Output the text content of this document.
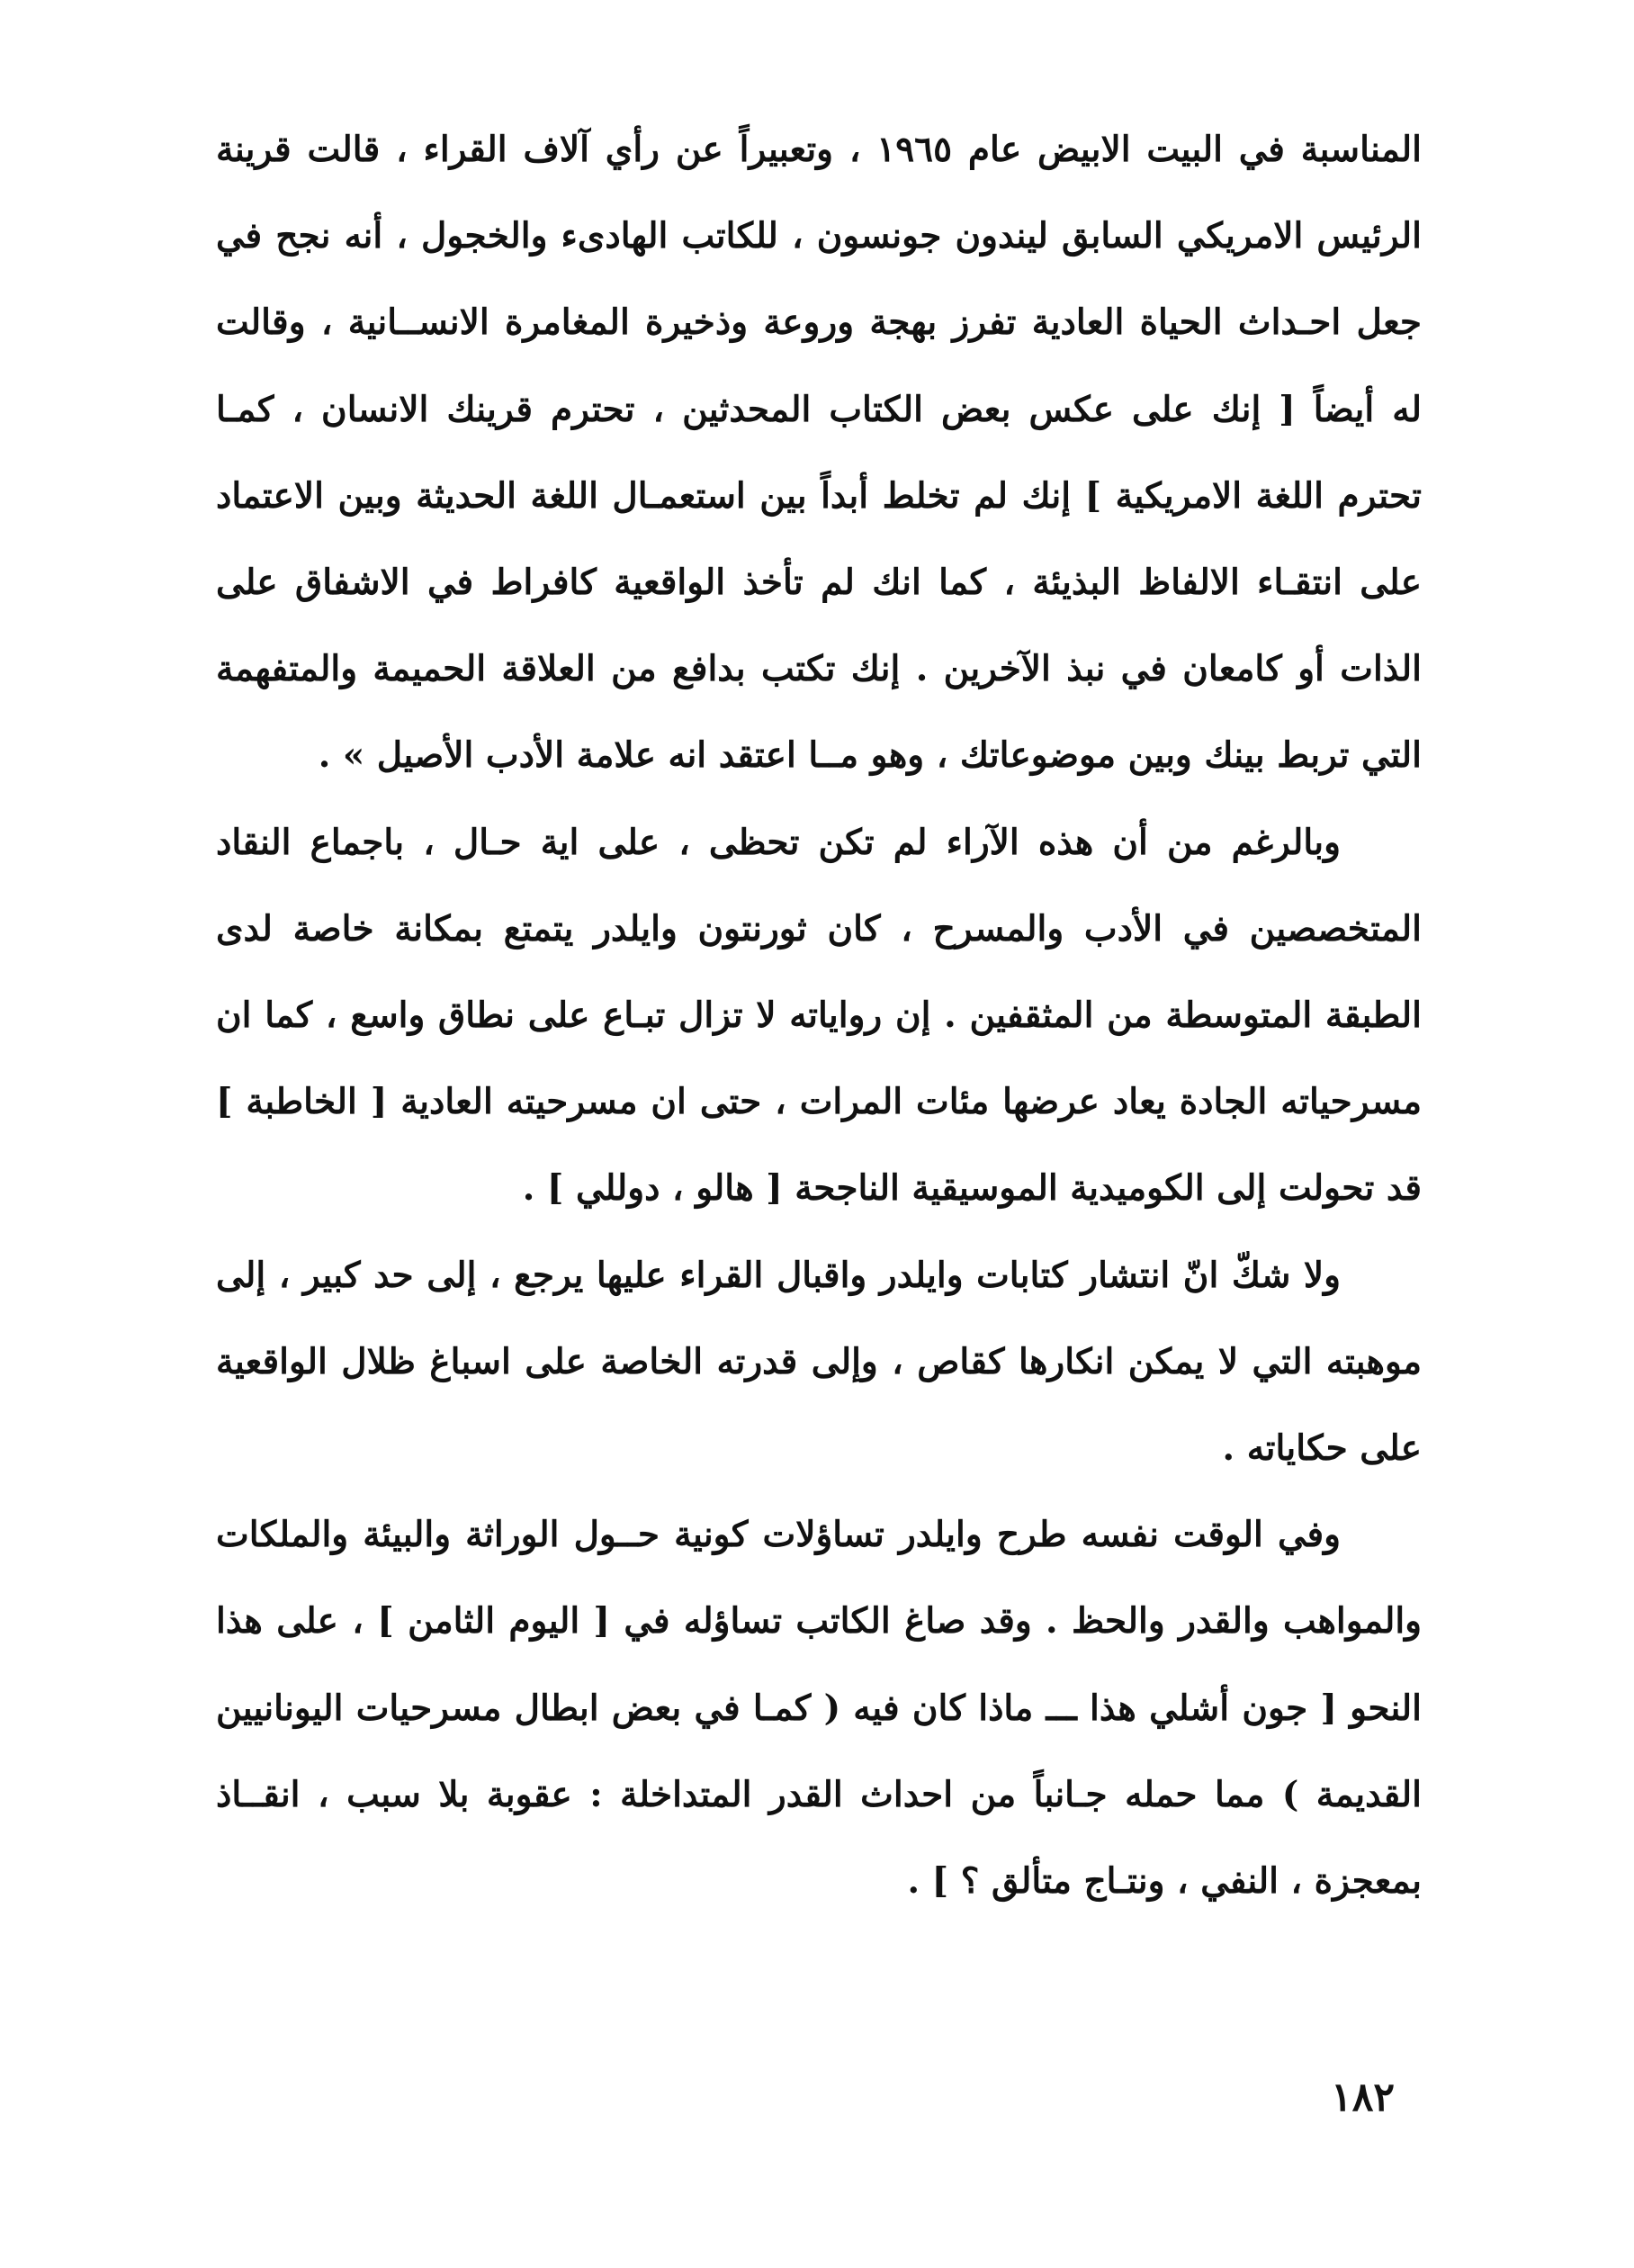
المناسبة في البيت الابيض عام ١٩٦٥ ، وتعبيراً عن رأي آلاف القراء ، قالت قرينة الرئيس الامريكي السابق ليندون جونسون ، للكاتب الهادىء والخجول ، أنه نجح في جعل احـداث الحياة العادية تفرز بهجة وروعة وذخيرة المغامرة الانســانية ، وقالت له أيضاً [ إنك على عكس بعض الكتاب المحدثين ، تحترم قرينك الانسان ، كمـا تحترم اللغة الامريكية ] إنك لم تخلط أبداً بين استعمـال اللغة الحديثة وبين الاعتماد على انتقـاء الالفاظ البذيئة ، كما انك لم تأخذ الواقعية كافراط في الاشفاق على الذات أو كامعان في نبذ الآخرين . إنك تكتب بدافع من العلاقة الحميمة والمتفهمة التي تربط بينك وبين موضوعاتك ، وهو مــا اعتقد انه علامة الأدب الأصيل » .

وبالرغم من أن هذه الآراء لم تكن تحظى ، على اية حـال ، باجماع النقاد المتخصصين في الأدب والمسرح ، كان ثورنتون وايلدر يتمتع بمكانة خاصة لدى الطبقة المتوسطة من المثقفين . إن رواياته لا تزال تبـاع على نطاق واسع ، كما ان مسرحياته الجادة يعاد عرضها مئات المرات ، حتى ان مسرحيته العادية [ الخاطبة ] قد تحولت إلى الكوميدية الموسيقية الناجحة [ هالو ، دوللي ] .

ولا شكّ انّ انتشار كتابات وايلدر واقبال القراء عليها يرجع ، إلى حد كبير ، إلى موهبته التي لا يمكن انكارها كقاص ، وإلى قدرته الخاصة على اسباغ ظلال الواقعية على حكاياته .

وفي الوقت نفسه طرح وايلدر تساؤلات كونية حــول الوراثة والبيئة والملكات والمواهب والقدر والحظ . وقد صاغ الكاتب تساؤله في [ اليوم الثامن ] ، على هذا النحو [ جون أشلي هذا ـــ ماذا كان فيه ( كمـا في بعض ابطال مسرحيات اليونانيين القديمة ) مما حمله جـانباً من احداث القدر المتداخلة : عقوبة بلا سبب ، انقــاذ بمعجزة ، النفي ، ونتـاج متألق ؟ ] .

١٨٢
